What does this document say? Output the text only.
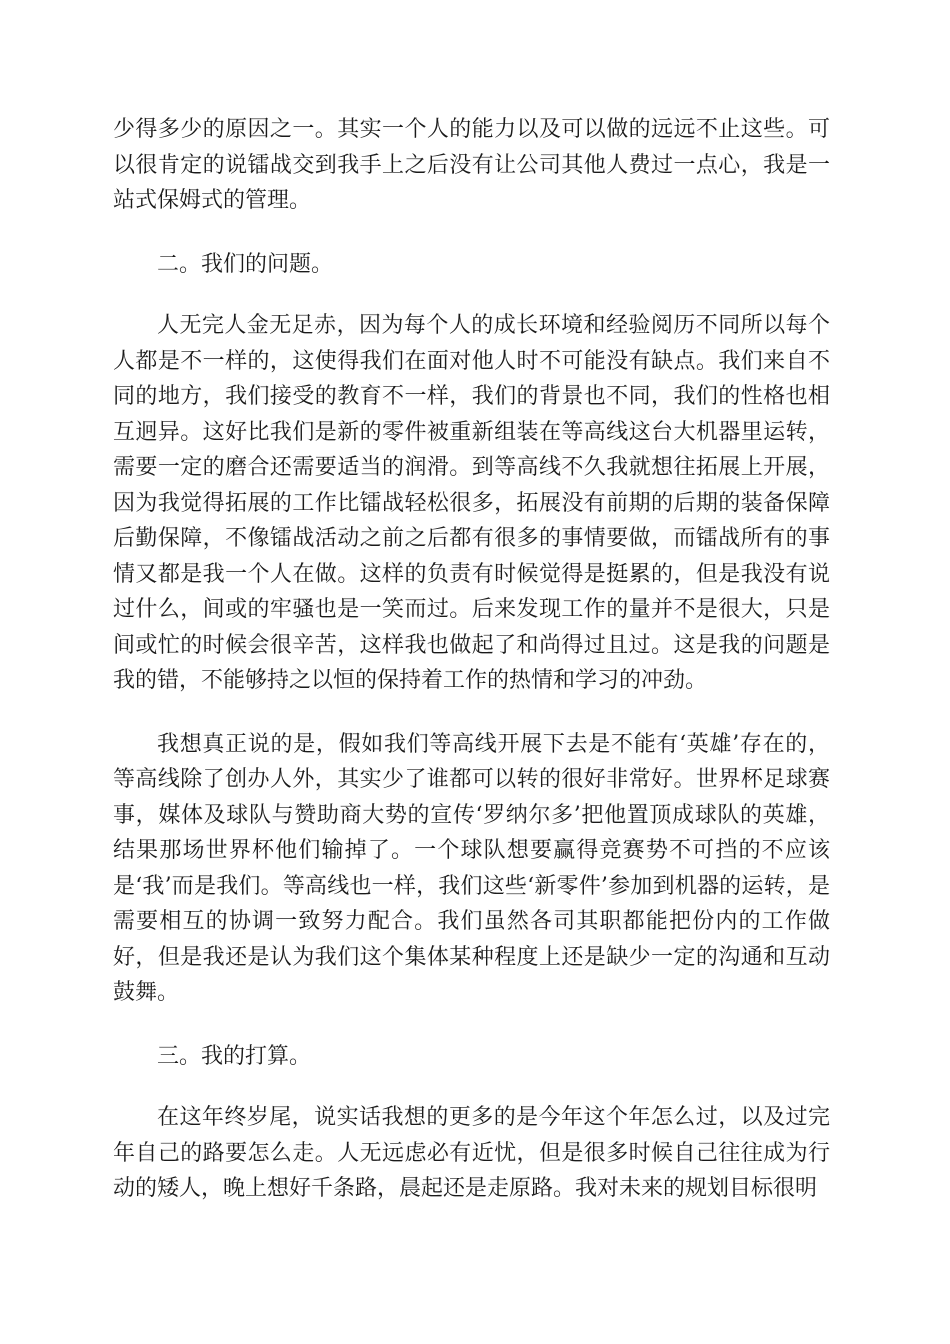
少得多少的原因之一。其实一个人的能力以及可以做的远远不止这些。可以很肯定的说镭战交到我手上之后没有让公司其他人费过一点心，我是一站式保姆式的管理。

二。我们的问题。

人无完人金无足赤，因为每个人的成长环境和经验阅历不同所以每个人都是不一样的，这使得我们在面对他人时不可能没有缺点。我们来自不同的地方，我们接受的教育不一样，我们的背景也不同，我们的性格也相互迥异。这好比我们是新的零件被重新组装在等高线这台大机器里运转，需要一定的磨合还需要适当的润滑。到等高线不久我就想往拓展上开展，因为我觉得拓展的工作比镭战轻松很多，拓展没有前期的后期的装备保障后勤保障，不像镭战活动之前之后都有很多的事情要做，而镭战所有的事情又都是我一个人在做。这样的负责有时候觉得是挺累的，但是我没有说过什么，间或的牢骚也是一笑而过。后来发现工作的量并不是很大，只是间或忙的时候会很辛苦，这样我也做起了和尚得过且过。这是我的问题是我的错，不能够持之以恒的保持着工作的热情和学习的冲劲。

我想真正说的是，假如我们等高线开展下去是不能有‘英雄’存在的，等高线除了创办人外，其实少了谁都可以转的很好非常好。世界杯足球赛事，媒体及球队与赞助商大势的宣传‘罗纳尔多’把他置顶成球队的英雄，结果那场世界杯他们输掉了。一个球队想要赢得竞赛势不可挡的不应该是‘我’而是我们。等高线也一样，我们这些‘新零件’参加到机器的运转，是需要相互的协调一致努力配合。我们虽然各司其职都能把份内的工作做好，但是我还是认为我们这个集体某种程度上还是缺少一定的沟通和互动鼓舞。

三。我的打算。

在这年终岁尾，说实话我想的更多的是今年这个年怎么过，以及过完年自己的路要怎么走。人无远虑必有近忧，但是很多时候自己往往成为行动的矮人，晚上想好千条路，晨起还是走原路。我对未来的规划目标很明
